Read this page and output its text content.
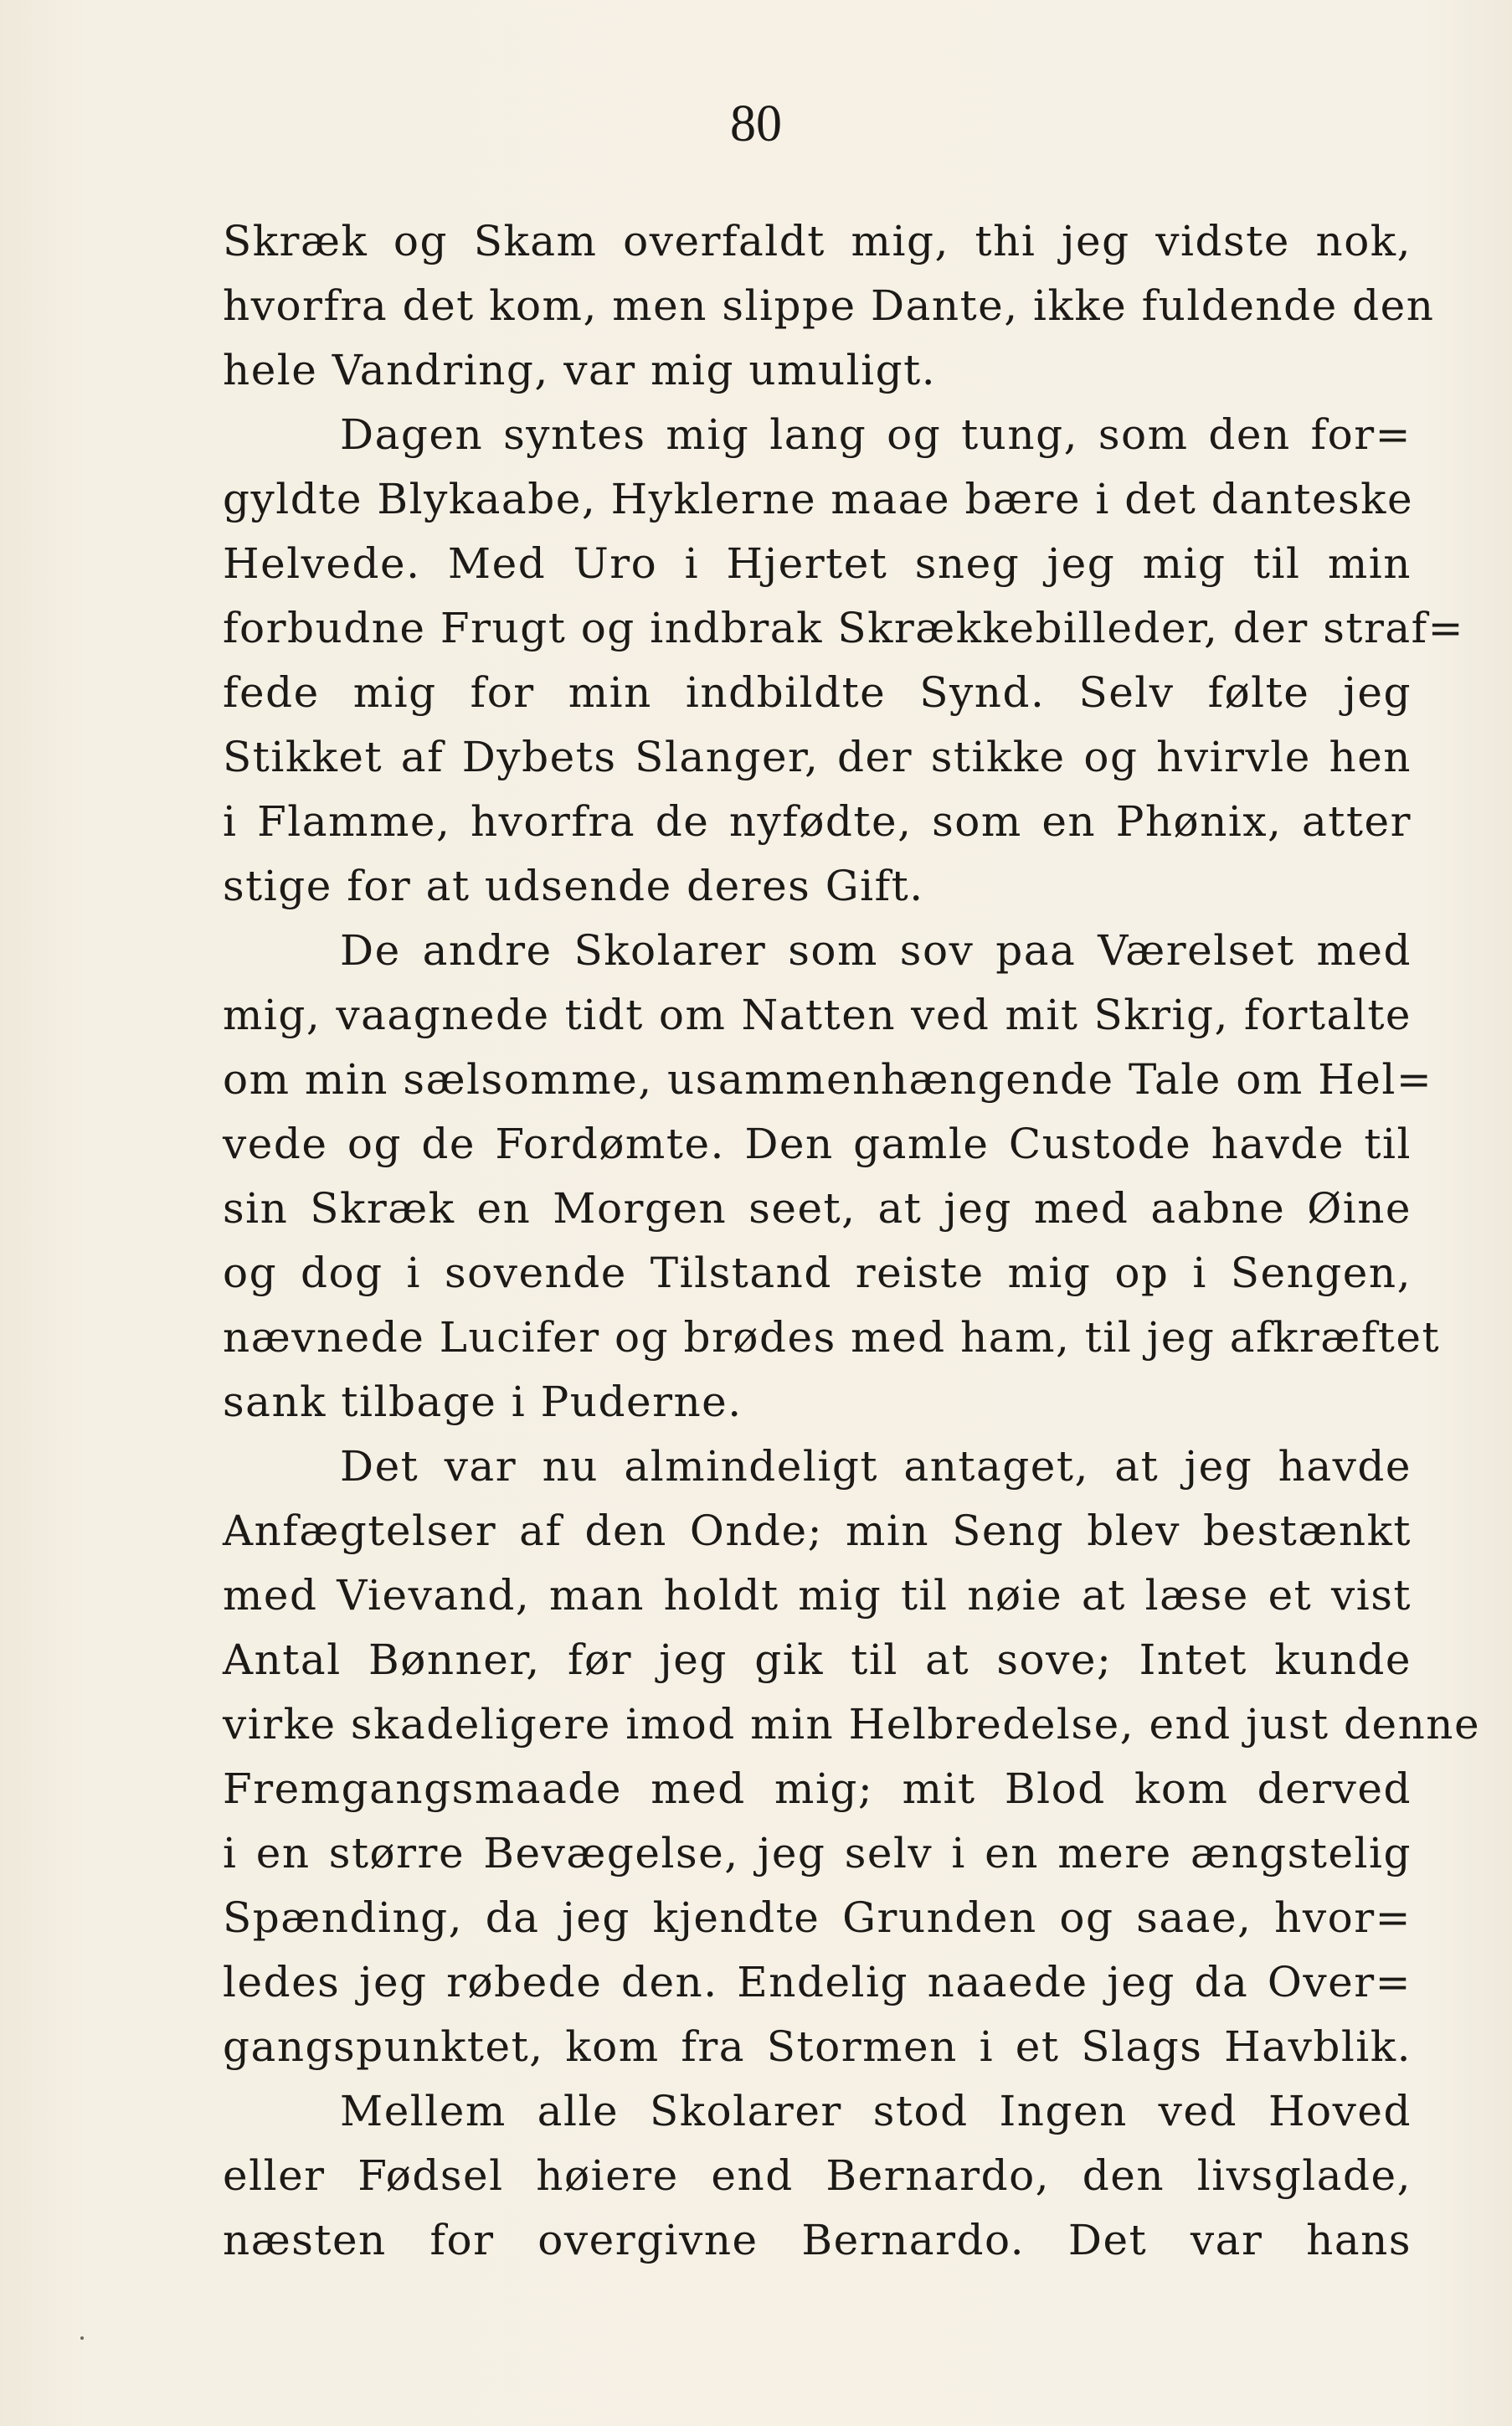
80
Skræk og Skam overfaldt mig, thi jeg vidste nok,
hvorfra det kom, men slippe Dante, ikke fuldende den
hele Vandring, var mig umuligt.
Dagen syntes mig lang og tung, som den for=
gyldte Blykaabe, Hyklerne maae bære i det danteske
Helvede. Med Uro i Hjertet sneg jeg mig til min
forbudne Frugt og indbrak Skrækkebilleder, der straf=
fede mig for min indbildte Synd. Selv følte jeg
Stikket af Dybets Slanger, der stikke og hvirvle hen
i Flamme, hvorfra de nyfødte, som en Phønix, atter
stige for at udsende deres Gift.
De andre Skolarer som sov paa Værelset med
mig, vaagnede tidt om Natten ved mit Skrig, fortalte
om min sælsomme, usammenhængende Tale om Hel=
vede og de Fordømte. Den gamle Custode havde til
sin Skræk en Morgen seet, at jeg med aabne Øine
og dog i sovende Tilstand reiste mig op i Sengen,
nævnede Lucifer og brødes med ham, til jeg afkræftet
sank tilbage i Puderne.
Det var nu almindeligt antaget, at jeg havde
Anfægtelser af den Onde; min Seng blev bestænkt
med Vievand, man holdt mig til nøie at læse et vist
Antal Bønner, før jeg gik til at sove; Intet kunde
virke skadeligere imod min Helbredelse, end just denne
Fremgangsmaade med mig; mit Blod kom derved
i en større Bevægelse, jeg selv i en mere ængstelig
Spænding, da jeg kjendte Grunden og saae, hvor=
ledes jeg røbede den. Endelig naaede jeg da Over=
gangspunktet, kom fra Stormen i et Slags Havblik.
Mellem alle Skolarer stod Ingen ved Hoved
eller Fødsel høiere end Bernardo, den livsglade,
næsten for overgivne Bernardo. Det var hans
